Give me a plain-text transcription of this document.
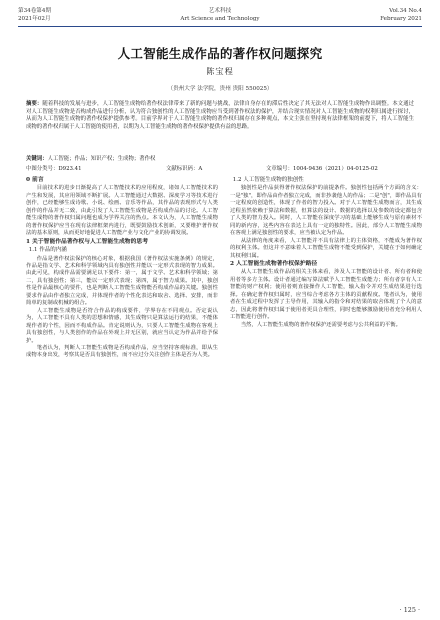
第34卷第4期
2021年02月
艺术科技
Art Science and Technology
Vol.34 No.4
February 2021
人工智能生成作品的著作权问题探究
陈宝程
（贵州大学 法学院，贵州 贵阳 550025）
摘要：随着科技的发展与进步，人工智能生成物给著作权法律带来了新的问题与挑战，法律自身存在的滞后性决定了其无法对人工智能生成物作出调整。本文通过对人工智能生成物是否构成作品进行分析，认为符合独创性的人工智能生成物应当受到著作权法的保护，并结合现实情况对人工智能生成物的权利归属进行探讨，从而为人工智能生成物的著作权保护提供参考。目前学界对于人工智能生成物的著作权归属存在多种观点，本文主张在坚持现有法律框架的前提下，将人工智能生成物的著作权归属于人工智能的使用者，以期为人工智能生成物的著作权保护提供有益的思路。
关键词：人工智能；作品；知识产权；生成物；著作权
中图分类号：D923.41	文献标识码：A	文章编号：1004-9436（2021）04-0125-02
0 前言

目前技术的进步日渐提高了人工智能技术的应用程度，诸如人工智能技术的产生和发展，其应用领域不断扩展。人工智能通过大数据、深度学习等技术进行创作，已经能够生成诗歌、小说、绘画、音乐等作品，其作品的表现形式与人类创作的作品并无二致，由此引发了人工智能生成物是否构成作品的讨论。人工智能生成物的著作权归属问题也成为学界关注的热点。本文认为，人工智能生成物的著作权保护应当在现有法律框架内进行，既要鼓励技术创新，又要维护著作权法的基本原则，从而更好地促进人工智能产业与文化产业的协调发展。

1 关于智能作品著作权与人工智能生成物的思考
1.1 作品的内涵

作品是著作权法保护的核心对象，根据我国《著作权法实施条例》的规定，作品是指文学、艺术和科学领域内具有独创性并能以一定形式表现的智力成果。由此可见，构成作品需要满足以下要件：第一，属于文学、艺术和科学领域；第二，具有独创性；第三，能以一定形式表现；第四，属于智力成果。其中，独创性是作品最核心的要件，也是判断人工智能生成物能否构成作品的关键。独创性要求作品由作者独立完成，并体现作者的个性化表达和取舍、选择、安排，而非简单的复制或机械的组合。

人工智能生成物是否符合作品的构成要件，学界存在不同观点。否定说认为，人工智能不具有人类的思想和情感，其生成物只是算法运行的结果，不能体现作者的个性，因而不构成作品。肯定说则认为，只要人工智能生成物在客观上具有独创性，与人类创作的作品在外观上并无区别，就应当认定为作品并给予保护。

笔者认为，判断人工智能生成物是否构成作品，应当坚持客观标准，即从生成物本身出发，考察其是否具有独创性，而不应过分关注创作主体是否为人类。

1.2 人工智能生成物的独创性

独创性是作品获得著作权法保护的前提条件。独创性包括两个方面的含义：一是"独"，即作品由作者独立完成，而非抄袭他人的作品；二是"创"，即作品具有一定程度的创造性，体现了作者的智力投入。对于人工智能生成物而言，其生成过程虽然依赖于算法和数据，但算法的设计、数据的选择以及参数的设定都包含了人类的智力投入。同时，人工智能在深度学习的基础上能够生成与原有素材不同的新内容，这些内容在表达上具有一定的独特性。因此，部分人工智能生成物在客观上满足独创性的要求，应当被认定为作品。

从法律的角度来看，人工智能并不具有法律上的主体资格，不能成为著作权的权利主体。但这并不意味着人工智能生成物不能受到保护，关键在于如何确定其权利归属。

2 人工智能生成物著作权保护路径

从人工智能生成作品的相关主体来看，涉及人工智能的设计者、所有者和使用者等多方主体。设计者通过编写算法赋予人工智能生成能力；所有者享有人工智能的财产权利；使用者则直接操作人工智能，输入指令并对生成结果进行选择。在确定著作权归属时，应当综合考虑各方主体的贡献程度。笔者认为，使用者在生成过程中发挥了主导作用，其输入的指令和对结果的取舍体现了个人的意志，因此将著作权归属于使用者更具合理性，同时也能够激励使用者充分利用人工智能进行创作。

当然，人工智能生成物的著作权保护还需要考虑与公共利益的平衡。

· 125 ·
